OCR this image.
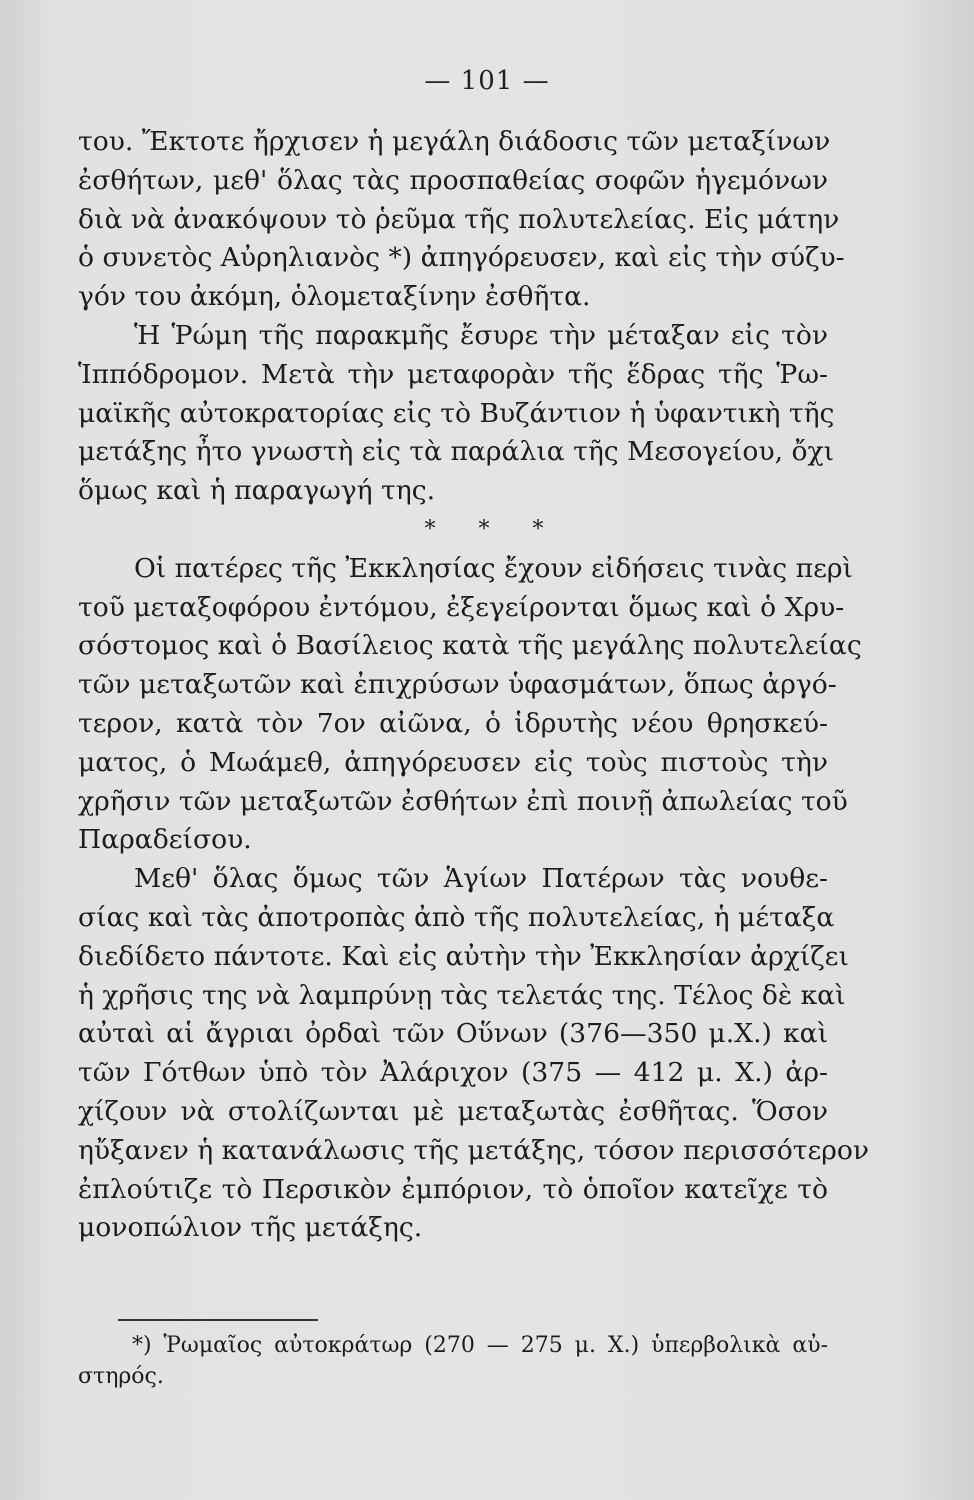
— 101 —
του. Ἔκτοτε ἤρχισεν ἡ μεγάλη διάδοσις τῶν μεταξίνων
ἐσθήτων, μεθ' ὅλας τὰς προσπαθείας σοφῶν ἡγεμόνων
διὰ νὰ ἀνακόψουν τὸ ῥεῦμα τῆς πολυτελείας. Εἰς μάτην
ὁ συνετὸς Αὐρηλιανὸς *) ἀπηγόρευσεν, καὶ εἰς τὴν σύζυ-
γόν του ἀκόμη, ὁλομεταξίνην ἐσθῆτα.
Ἡ Ῥώμη τῆς παρακμῆς ἔσυρε τὴν μέταξαν εἰς τὸν
Ἱππόδρομον. Μετὰ τὴν μεταφορὰν τῆς ἕδρας τῆς Ῥω-
μαϊκῆς αὐτοκρατορίας εἰς τὸ Βυζάντιον ἡ ὑφαντικὴ τῆς
μετάξης ἦτο γνωστὴ εἰς τὰ παράλια τῆς Μεσογείου, ὄχι
ὅμως καὶ ἡ παραγωγή της.
* * *
Οἱ πατέρες τῆς Ἐκκλησίας ἔχουν εἰδήσεις τινὰς περὶ
τοῦ μεταξοφόρου ἐντόμου, ἐξεγείρονται ὅμως καὶ ὁ Χρυ-
σόστομος καὶ ὁ Βασίλειος κατὰ τῆς μεγάλης πολυτελείας
τῶν μεταξωτῶν καὶ ἐπιχρύσων ὑφασμάτων, ὅπως ἀργό-
τερον, κατὰ τὸν 7ον αἰῶνα, ὁ ἱδρυτὴς νέου θρησκεύ-
ματος, ὁ Μωάμεθ, ἀπηγόρευσεν εἰς τοὺς πιστοὺς τὴν
χρῆσιν τῶν μεταξωτῶν ἐσθήτων ἐπὶ ποινῇ ἀπωλείας τοῦ
Παραδείσου.
Μεθ' ὅλας ὅμως τῶν Ἁγίων Πατέρων τὰς νουθε-
σίας καὶ τὰς ἀποτροπὰς ἀπὸ τῆς πολυτελείας, ἡ μέταξα
διεδίδετο πάντοτε. Καὶ εἰς αὐτὴν τὴν Ἐκκλησίαν ἀρχίζει
ἡ χρῆσις της νὰ λαμπρύνῃ τὰς τελετάς της. Τέλος δὲ καὶ
αὐταὶ αἱ ἄγριαι ὀρδαὶ τῶν Οὕνων (376—350 μ.Χ.) καὶ
τῶν Γότθων ὑπὸ τὸν Ἀλάριχον (375 — 412 μ. Χ.) ἀρ-
χίζουν νὰ στολίζωνται μὲ μεταξωτὰς ἐσθῆτας. Ὅσον
ηὔξανεν ἡ κατανάλωσις τῆς μετάξης, τόσον περισσότερον
ἐπλούτιζε τὸ Περσικὸν ἐμπόριον, τὸ ὁποῖον κατεῖχε τὸ
μονοπώλιον τῆς μετάξης.
*) Ῥωμαῖος αὐτοκράτωρ (270 — 275 μ. Χ.) ὑπερβολικὰ αὐ-
στηρός.
